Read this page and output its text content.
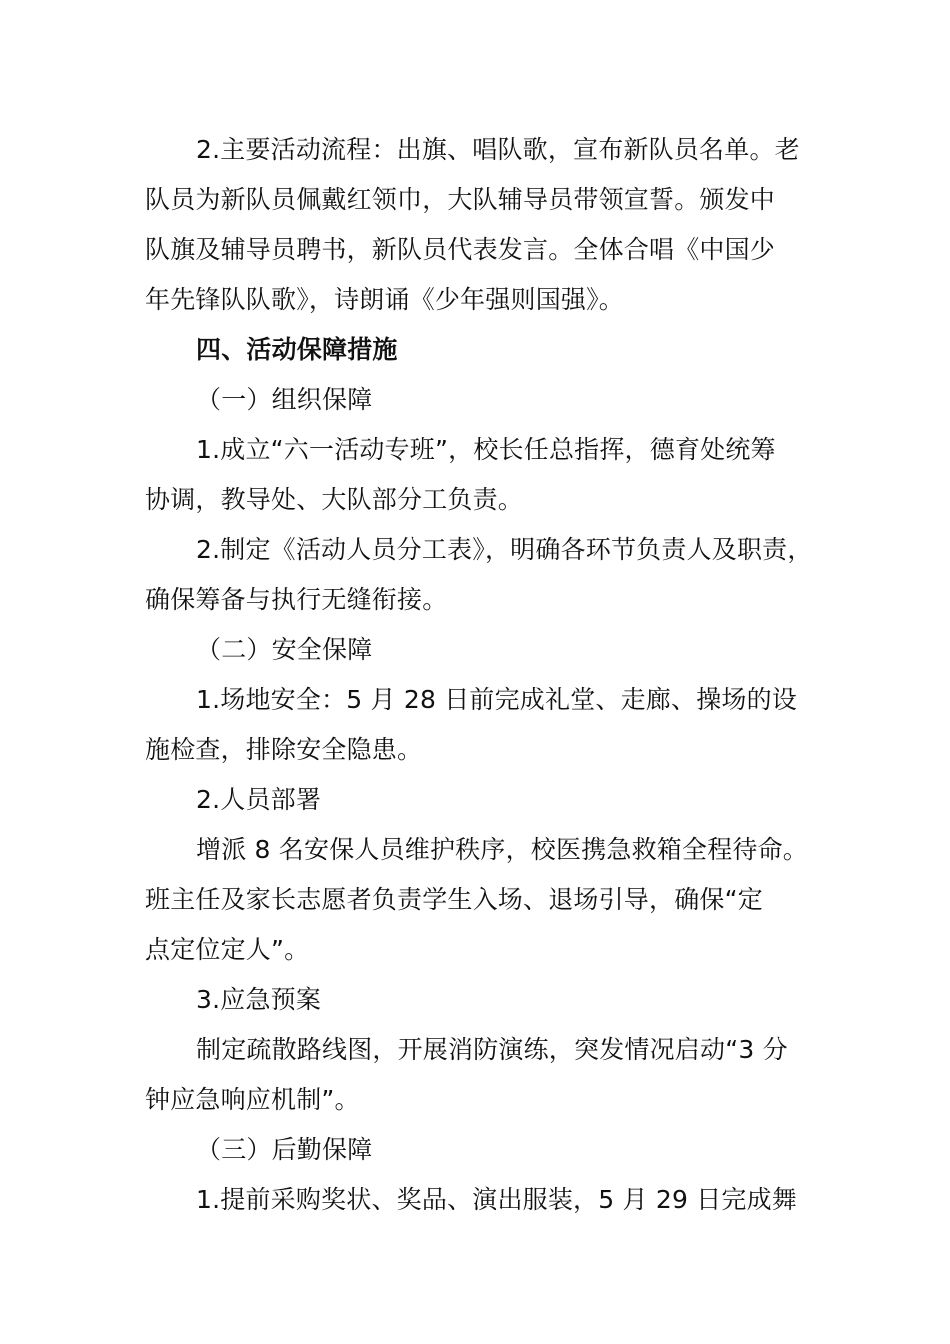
2.主要活动流程：出旗、唱队歌，宣布新队员名单。老
队员为新队员佩戴红领巾，大队辅导员带领宣誓。颁发中
队旗及辅导员聘书，新队员代表发言。全体合唱《中国少
年先锋队队歌》，诗朗诵《少年强则国强》。
四、活动保障措施
（一）组织保障
1.成立“六一活动专班”，校长任总指挥，德育处统筹
协调，教导处、大队部分工负责。
2.制定《活动人员分工表》，明确各环节负责人及职责，
确保筹备与执行无缝衔接。
（二）安全保障
1.场地安全：5 月 28 日前完成礼堂、走廊、操场的设
施检查，排除安全隐患。
2.人员部署
增派 8 名安保人员维护秩序，校医携急救箱全程待命。
班主任及家长志愿者负责学生入场、退场引导，确保“定
点定位定人”。
3.应急预案
制定疏散路线图，开展消防演练，突发情况启动“3 分
钟应急响应机制”。
（三）后勤保障
1.提前采购奖状、奖品、演出服装，5 月 29 日完成舞
